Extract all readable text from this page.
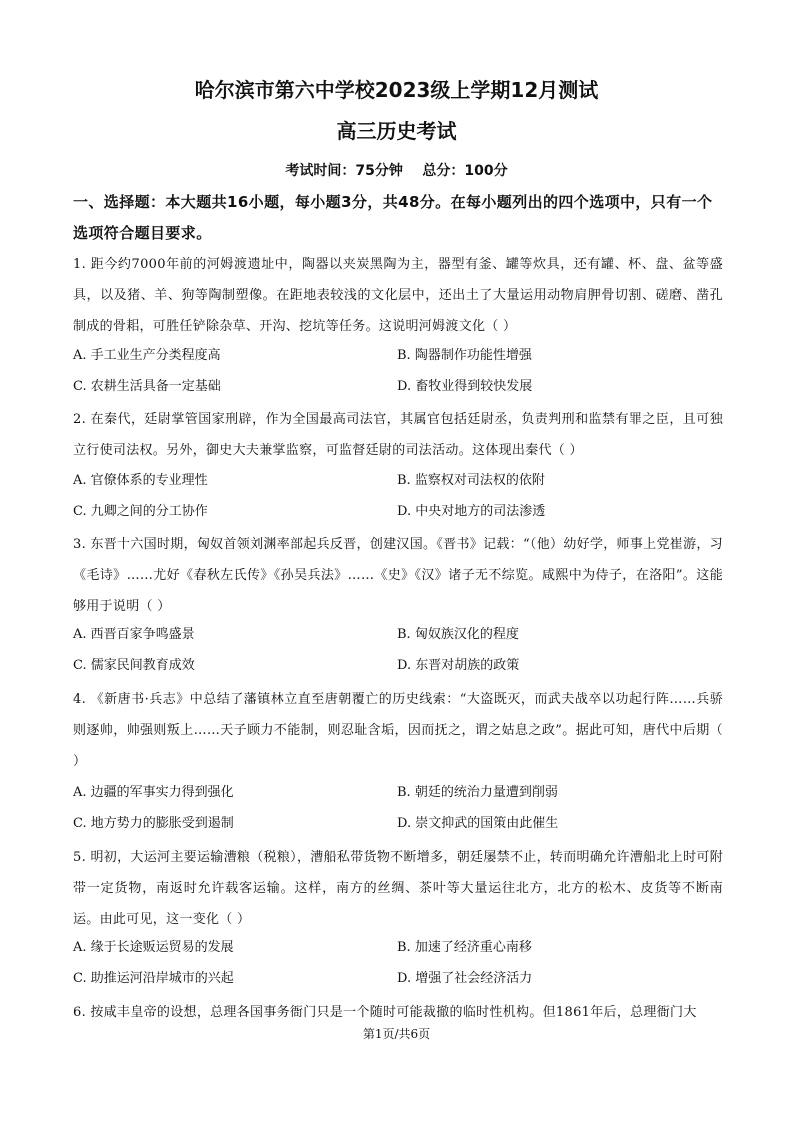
哈尔滨市第六中学校2023级上学期12月测试
高三历史考试
考试时间：75分钟    总分：100分
一、选择题：本大题共16小题，每小题3分，共48分。在每小题列出的四个选项中，只有一个选项符合题目要求。
1. 距今约7000年前的河姆渡遗址中，陶器以夹炭黑陶为主，器型有釜、罐等炊具，还有罐、杯、盘、盆等盛具，以及猪、羊、狗等陶制塑像。在距地表较浅的文化层中，还出土了大量运用动物肩胛骨切割、磋磨、凿孔制成的骨耜，可胜任铲除杂草、开沟、挖坑等任务。这说明河姆渡文化（ ）
A. 手工业生产分类程度高	B. 陶器制作功能性增强
C. 农耕生活具备一定基础	D. 畜牧业得到较快发展
2. 在秦代，廷尉掌管国家刑辟，作为全国最高司法官，其属官包括廷尉丞，负责判刑和监禁有罪之臣，且可独立行使司法权。另外，御史大夫兼掌监察，可监督廷尉的司法活动。这体现出秦代（ ）
A. 官僚体系的专业理性	B. 监察权对司法权的依附
C. 九卿之间的分工协作	D. 中央对地方的司法渗透
3. 东晋十六国时期，匈奴首领刘渊率部起兵反晋，创建汉国。《晋书》记载：“（他）幼好学，师事上党崔游，习《毛诗》……尤好《春秋左氏传》《孙吴兵法》……《史》《汉》诸子无不综览。咸熙中为侍子，在洛阳”。这能够用于说明（ ）
A. 西晋百家争鸣盛景	B. 匈奴族汉化的程度
C. 儒家民间教育成效	D. 东晋对胡族的政策
4. 《新唐书·兵志》中总结了藩镇林立直至唐朝覆亡的历史线索：“大盗既灭，而武夫战卒以功起行阵……兵骄则逐帅，帅强则叛上……天子顾力不能制，则忍耻含垢，因而抚之，谓之姑息之政”。据此可知，唐代中后期（ ）
A. 边疆的军事实力得到强化	B. 朝廷的统治力量遭到削弱
C. 地方势力的膨胀受到遏制	D. 崇文抑武的国策由此催生
5. 明初，大运河主要运输漕粮（税粮），漕船私带货物不断增多，朝廷屡禁不止，转而明确允许漕船北上时可附带一定货物，南返时允许载客运输。这样，南方的丝绸、茶叶等大量运往北方，北方的松木、皮货等不断南运。由此可见，这一变化（ ）
A. 缘于长途贩运贸易的发展	B. 加速了经济重心南移
C. 助推运河沿岸城市的兴起	D. 增强了社会经济活力
6. 按咸丰皇帝的设想，总理各国事务衙门只是一个随时可能裁撤的临时性机构。但1861年后，总理衙门大
第1页/共6页
